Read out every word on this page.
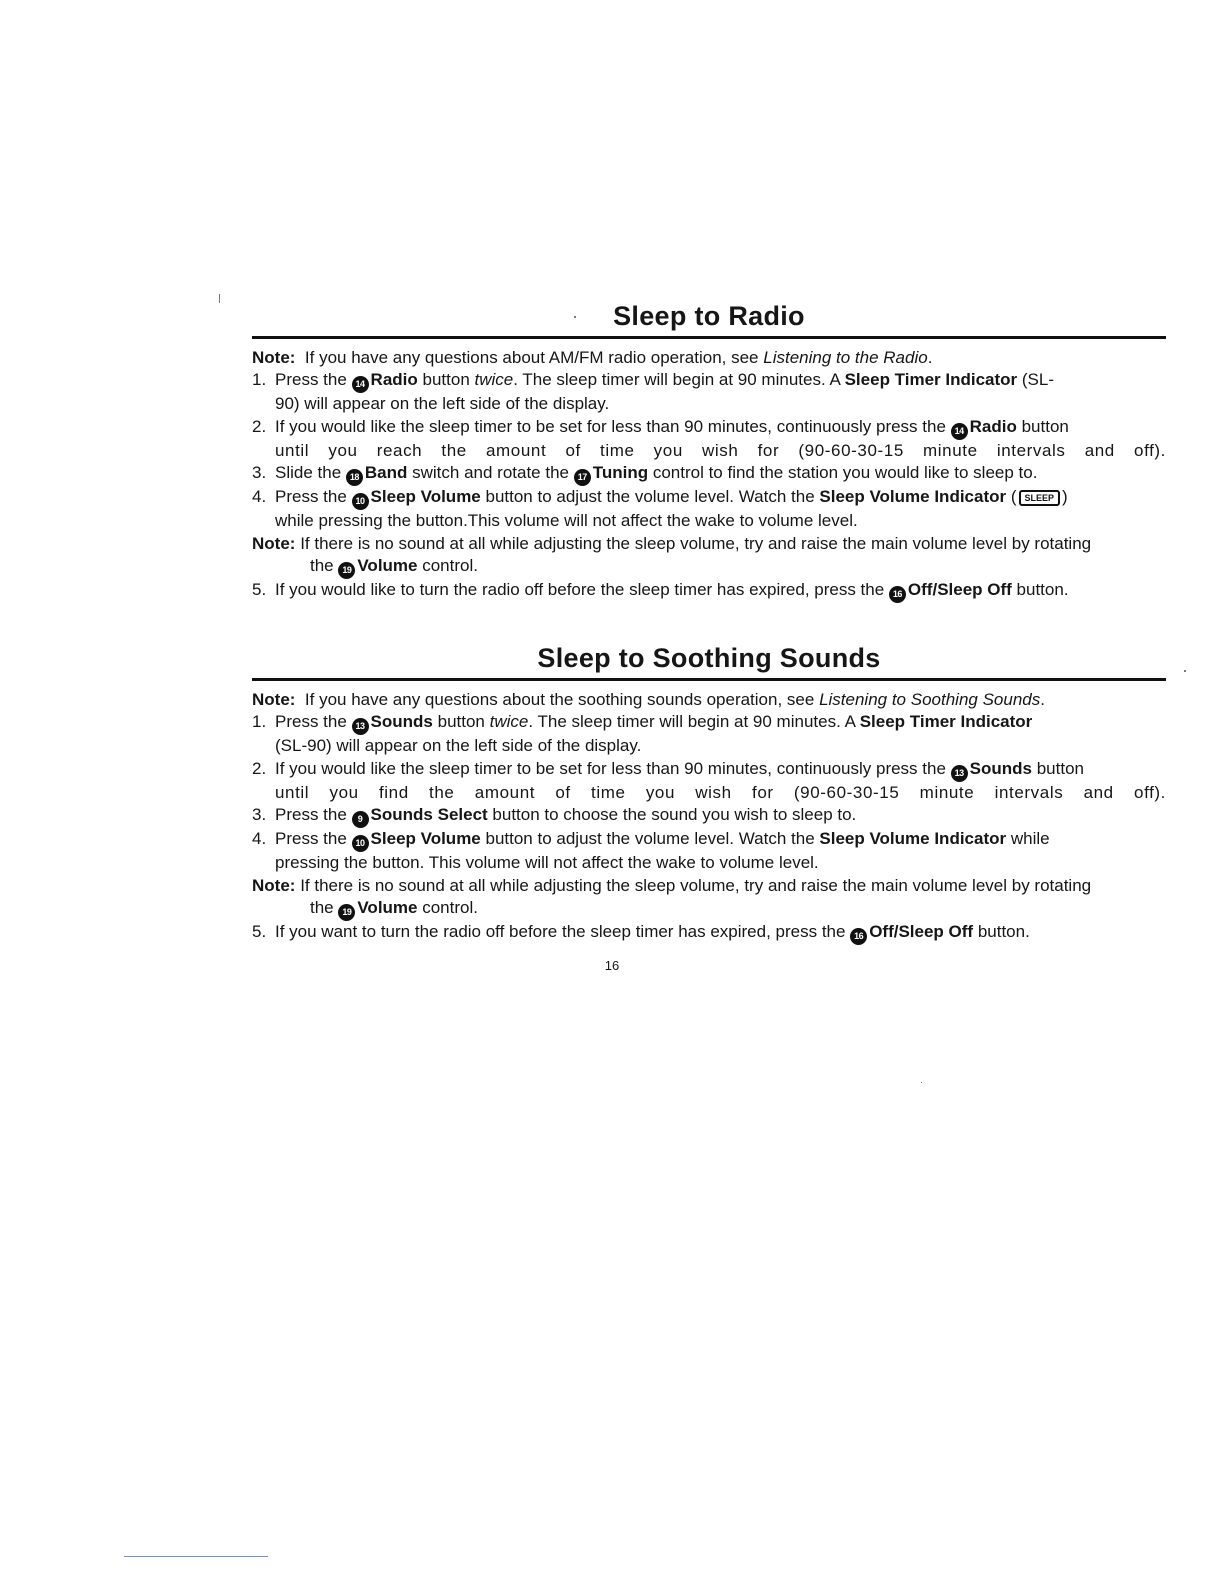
Sleep to Radio
Note: If you have any questions about AM/FM radio operation, see Listening to the Radio.
1. Press the 14 Radio button twice. The sleep timer will begin at 90 minutes. A Sleep Timer Indicator (SL-
90) will appear on the left side of the display.
2. If you would like the sleep timer to be set for less than 90 minutes, continuously press the 14 Radio button
until you reach the amount of time you wish for (90-60-30-15 minute intervals and off).
3. Slide the 18 Band switch and rotate the 17 Tuning control to find the station you would like to sleep to.
4. Press the 10 Sleep Volume button to adjust the volume level. Watch the Sleep Volume Indicator ( SLEEP )
while pressing the button.This volume will not affect the wake to volume level.
Note: If there is no sound at all while adjusting the sleep volume, try and raise the main volume level by rotating
the 19 Volume control.
5. If you would like to turn the radio off before the sleep timer has expired, press the 16 Off/Sleep Off button.
Sleep to Soothing Sounds
Note: If you have any questions about the soothing sounds operation, see Listening to Soothing Sounds.
1. Press the 13 Sounds button twice. The sleep timer will begin at 90 minutes. A Sleep Timer Indicator
(SL-90) will appear on the left side of the display.
2. If you would like the sleep timer to be set for less than 90 minutes, continuously press the 13 Sounds button
until you find the amount of time you wish for (90-60-30-15 minute intervals and off).
3. Press the 9 Sounds Select button to choose the sound you wish to sleep to.
4. Press the 10 Sleep Volume button to adjust the volume level. Watch the Sleep Volume Indicator while
pressing the button. This volume will not affect the wake to volume level.
Note: If there is no sound at all while adjusting the sleep volume, try and raise the main volume level by rotating
the 19 Volume control.
5. If you want to turn the radio off before the sleep timer has expired, press the 16 Off/Sleep Off button.
16
